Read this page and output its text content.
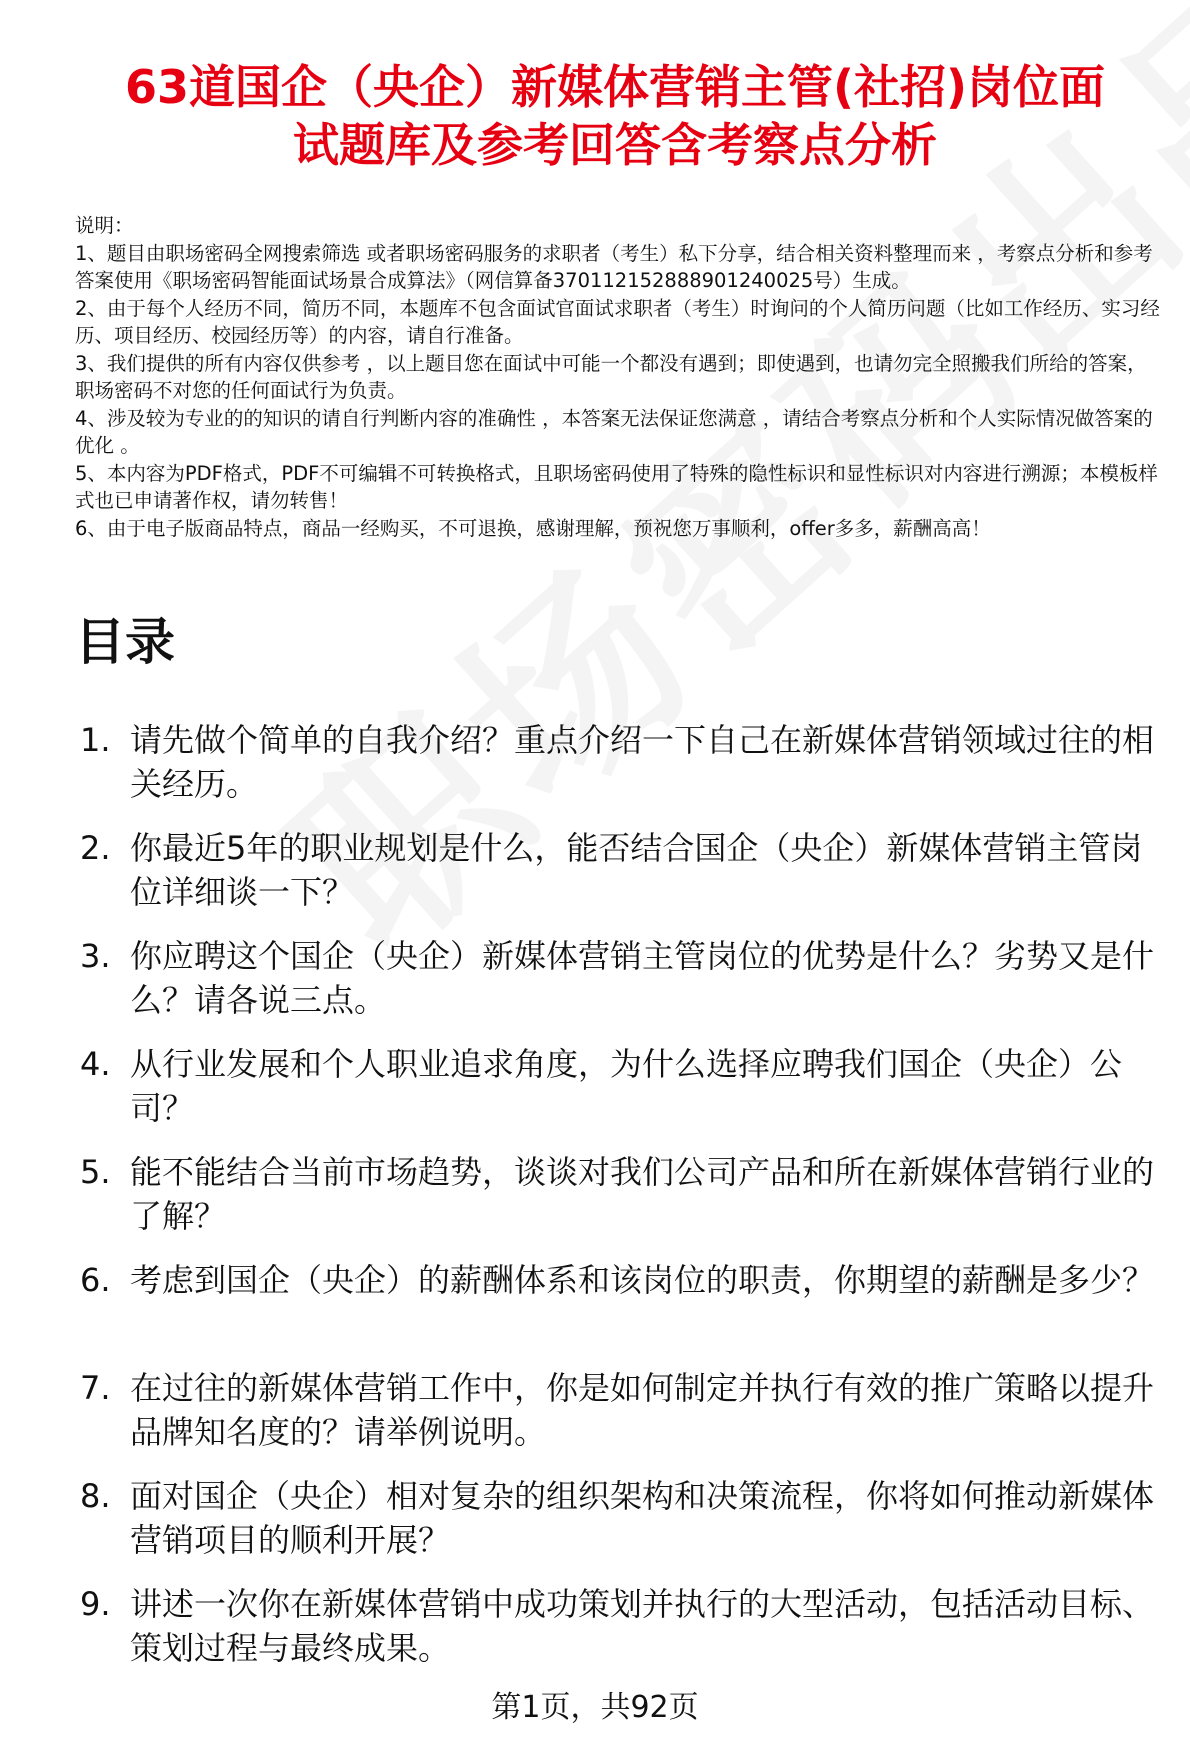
63道国企（央企）新媒体营销主管(社招)岗位面
试题库及参考回答含考察点分析

说明：

1、题目由职场密码全网搜索筛选 或者职场密码服务的求职者（考生）私下分享，结合相关资料整理而来 ，考察点分析和参考答案使用《职场密码智能面试场景合成算法》（网信算备370112152888901240025号）生成。

2、由于每个人经历不同，简历不同，本题库不包含面试官面试求职者（考生）时询问的个人简历问题（比如工作经历、实习经历、项目经历、校园经历等）的内容，请自行准备。

3、我们提供的所有内容仅供参考 ，以上题目您在面试中可能一个都没有遇到；即使遇到，也请勿完全照搬我们所给的答案，职场密码不对您的任何面试行为负责。

4、涉及较为专业的的知识的请自行判断内容的准确性 ，本答案无法保证您满意 ，请结合考察点分析和个人实际情况做答案的优化 。

5、本内容为PDF格式，PDF不可编辑不可转换格式，且职场密码使用了特殊的隐性标识和显性标识对内容进行溯源；本模板样式也已申请著作权，请勿转售！

6、由于电子版商品特点，商品一经购买，不可退换，感谢理解，预祝您万事顺利，offer多多，薪酬高高！

目录
1. 请先做个简单的自我介绍？重点介绍一下自己在新媒体营销领域过往的相关经历。
2. 你最近5年的职业规划是什么，能否结合国企（央企）新媒体营销主管岗位详细谈一下？
3. 你应聘这个国企（央企）新媒体营销主管岗位的优势是什么？劣势又是什么？请各说三点。
4. 从行业发展和个人职业追求角度，为什么选择应聘我们国企（央企）公司？
5. 能不能结合当前市场趋势，谈谈对我们公司产品和所在新媒体营销行业的了解？
6. 考虑到国企（央企）的薪酬体系和该岗位的职责，你期望的薪酬是多少？
7. 在过往的新媒体营销工作中，你是如何制定并执行有效的推广策略以提升品牌知名度的？请举例说明。
8. 面对国企（央企）相对复杂的组织架构和决策流程，你将如何推动新媒体营销项目的顺利开展？
9. 讲述一次你在新媒体营销中成功策划并执行的大型活动，包括活动目标、策划过程与最终成果。
第1页，共92页
